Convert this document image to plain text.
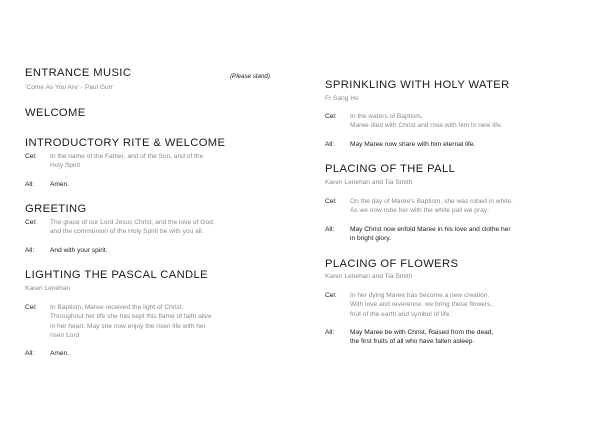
ENTRANCE MUSIC	(Please stand)
‘Come As You Are’ - Paul Gurr
WELCOME
INTRODUCTORY RITE & WELCOME
Cel:	In the name of the Father, and of the Son, and of the
Holy Spirit
All:	Amen.
GREETING
Cel:	The grace of our Lord Jesus Christ, and the love of God,
and the communion of the Holy Spirit be with you all.
All:	And with your spirit.
LIGHTING THE PASCAL CANDLE
Karen Lenehan
Cel:	In Baptism, Maree received the light of Christ.
Throughout her life she has kept this flame of faith alive
in her heart. May she now enjoy the risen life with her
risen Lord
All:	Amen.
SPRINKLING WITH HOLY WATER
Fr Sang Ho
Cel:	In the waters of Baptism,
Maree died with Christ and rose with him to new life.
All:	May Maree now share with him eternal life.
PLACING OF THE PALL
Karen Lenehan and Tia Smith
Cel:	On the day of Maree’s Baptism, she was robed in white.
As we now robe her with the white pall we pray:
All:	May Christ now enfold Maree in his love and clothe her
in bright glory.
PLACING OF FLOWERS
Karen Lenehan and Tia Smith
Cel:	In her dying Maree has become a new creation.
With love and reverence, we bring these flowers,
fruit of the earth and symbol of life.
All:	May Maree be with Christ, Raised from the dead,
the first fruits of all who have fallen asleep.
